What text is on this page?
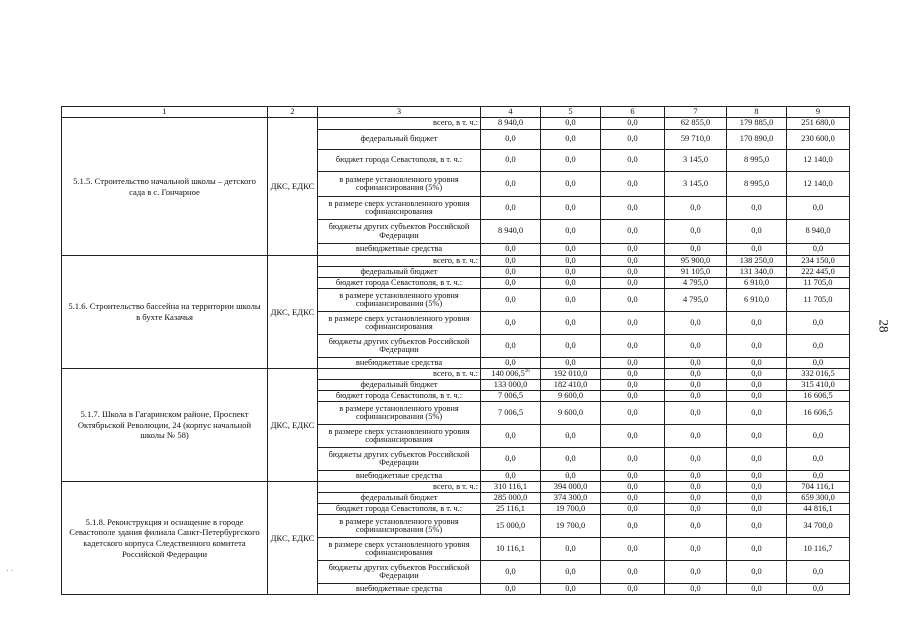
1	2	3	4	5	6	7	8	9
5.1.5. Строительство начальной школы – детского сада в с. Гончарное	ДКС, ЕДКС	всего, в т. ч.:	8 940,0	0,0	0,0	62 855,0	179 885,0	251 680,0
		федеральный бюджет	0,0	0,0	0,0	59 710,0	170 890,0	230 600,0
		бюджет города Севастополя, в т. ч.:	0,0	0,0	0,0	3 145,0	8 995,0	12 140,0
		в размере установленного уровня софинансирования (5%)	0,0	0,0	0,0	3 145,0	8 995,0	12 140,0
		в размере сверх установленного уровня софинансирования	0,0	0,0	0,0	0,0	0,0	0,0
		бюджеты других субъектов Российской Федерации	8 940,0	0,0	0,0	0,0	0,0	8 940,0
		внебюджетные средства	0,0	0,0	0,0	0,0	0,0	0,0
5.1.6. Строительство бассейна на территории школы в бухте Казачья	ДКС, ЕДКС	всего, в т. ч.:	0,0	0,0	0,0	95 900,0	138 250,0	234 150,0
		федеральный бюджет	0,0	0,0	0,0	91 105,0	131 340,0	222 445,0
		бюджет города Севастополя, в т. ч.:	0,0	0,0	0,0	4 795,0	6 910,0	11 705,0
		в размере установленного уровня софинансирования (5%)	0,0	0,0	0,0	4 795,0	6 910,0	11 705,0
		в размере сверх установленного уровня софинансирования	0,0	0,0	0,0	0,0	0,0	0,0
		бюджеты других субъектов Российской Федерации	0,0	0,0	0,0	0,0	0,0	0,0
		внебюджетные средства	0,0	0,0	0,0	0,0	0,0	0,0
5.1.7. Школа в Гагаринском районе, Проспект Октябрьской Революции, 24 (корпус начальной школы № 58)	ДКС, ЕДКС	всего, в т. ч.:	140 006,5$^{16}$	192 010,0	0,0	0,0	0,0	332 016,5
		федеральный бюджет	133 000,0	182 410,0	0,0	0,0	0,0	315 410,0
		бюджет города Севастополя, в т. ч.:	7 006,5	9 600,0	0,0	0,0	0,0	16 606,5
		в размере установленного уровня софинансирования (5%)	7 006,5	9 600,0	0,0	0,0	0,0	16 606,5
		в размере сверх установленного уровня софинансирования	0,0	0,0	0,0	0,0	0,0	0,0
		бюджеты других субъектов Российской Федерации	0,0	0,0	0,0	0,0	0,0	0,0
		внебюджетные средства	0,0	0,0	0,0	0,0	0,0	0,0
5.1.8. Реконструкция и оснащение в городе Севастополе здания филиала Санкт-Петербургского кадетского корпуса Следственного комитета Российской Федерации	ДКС, ЕДКС	всего, в т. ч.:	310 116,1	394 000,0	0,0	0,0	0,0	704 116,1
		федеральный бюджет	285 000,0	374 300,0	0,0	0,0	0,0	659 300,0
		бюджет города Севастополя, в т. ч.:	25 116,1	19 700,0	0,0	0,0	0,0	44 816,1
		в размере установленного уровня софинансирования (5%)	15 000,0	19 700,0	0,0	0,0	0,0	34 700,0
		в размере сверх установленного уровня софинансирования	10 116,1	0,0	0,0	0,0	0,0	10 116,7
		бюджеты других субъектов Российской Федерации	0,0	0,0	0,0	0,0	0,0	0,0
		внебюджетные средства	0,0	0,0	0,0	0,0	0,0	0,0
28
· ·
